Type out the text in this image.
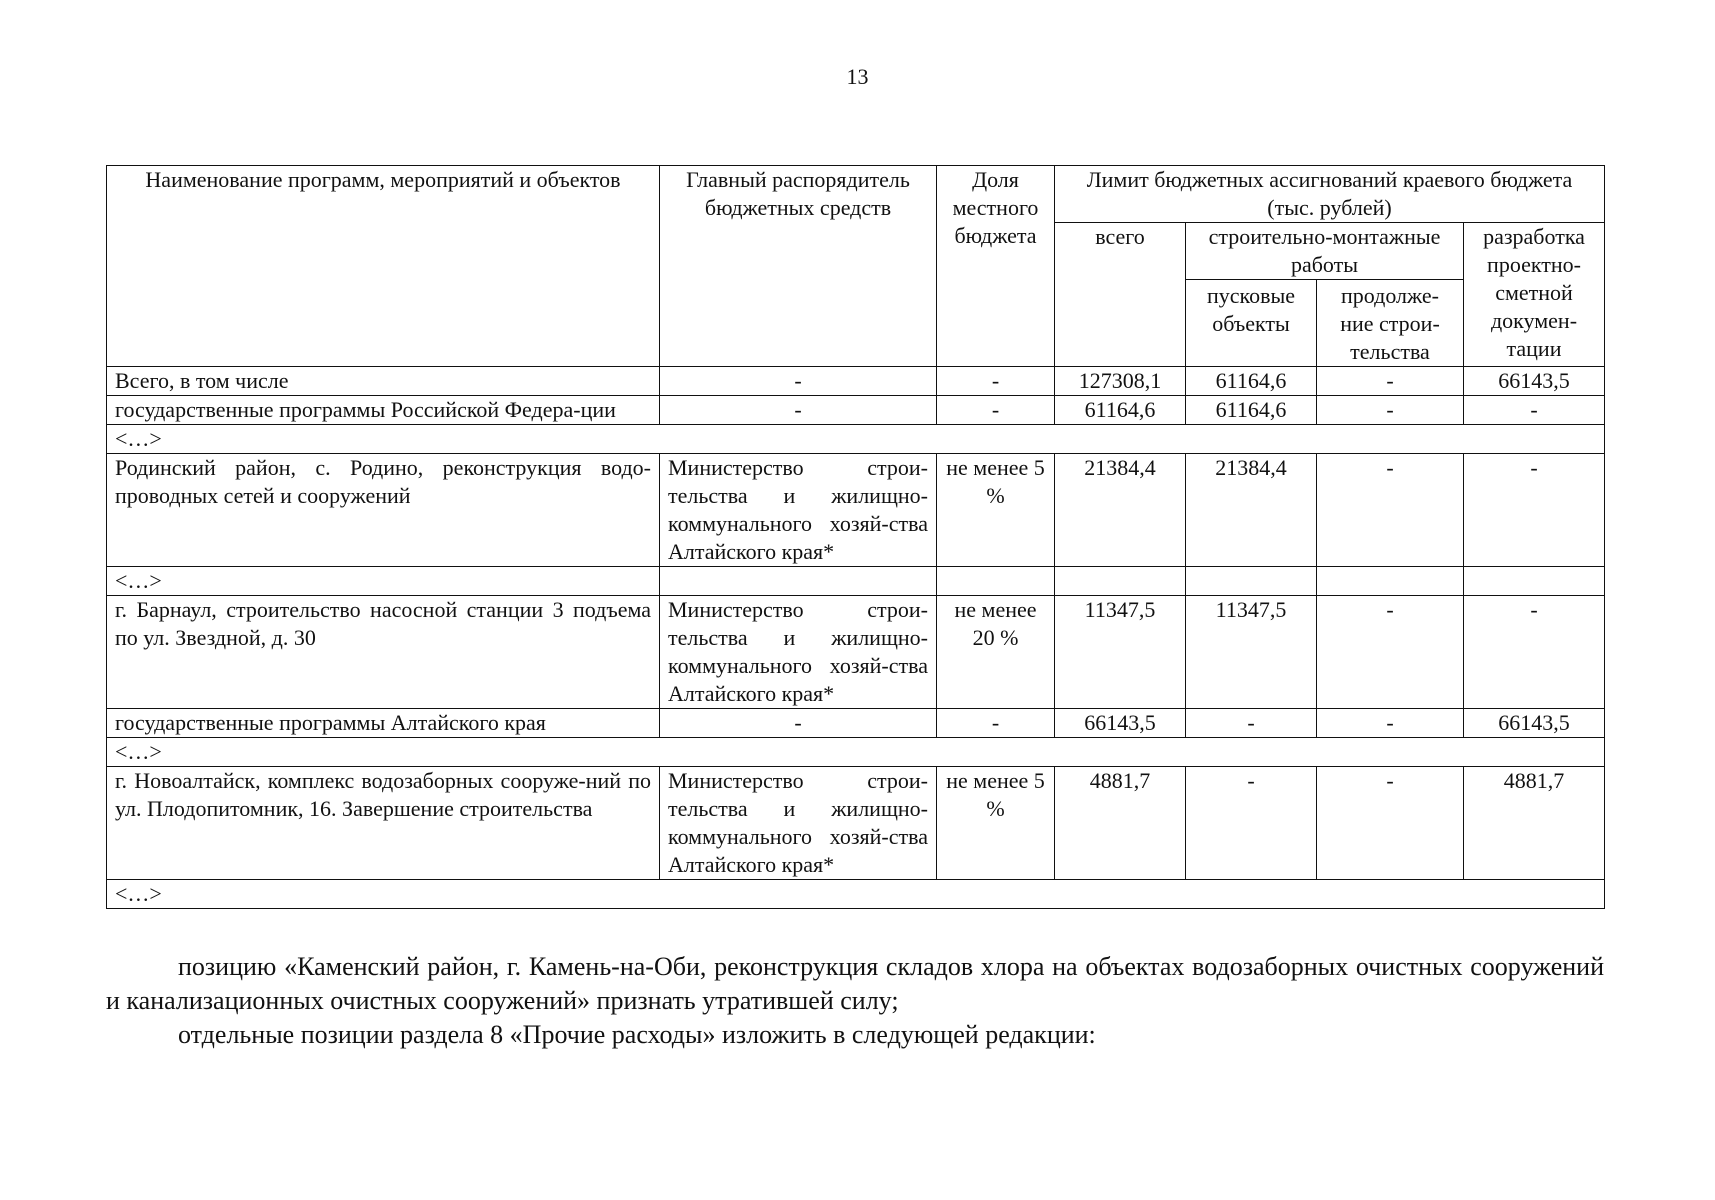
13
Наименование программ, мероприятий и объектов	Главный распорядитель бюджетных средств	Доля местного бюджета	Лимит бюджетных ассигнований краевого бюджета (тыс. рублей)			
			всего	строительно-монтажные работы		разработка проектно-сметной докумен-тации
				пусковые объекты	продолже-ние строи-тельства	
Всего, в том числе	-	-	127308,1	61164,6	-	66143,5
государственные программы Российской Федера-ции	-	-	61164,6	61164,6	-	-
<…>						
Родинский район, с. Родино, реконструкция водо-проводных сетей и сооружений	Министерство строи-тельства и жилищно-коммунального хозяй-ства Алтайского края*	не менее 5 %	21384,4	21384,4	-	-
<…>						
г. Барнаул, строительство насосной станции 3 подъема по ул. Звездной, д. 30	Министерство строи-тельства и жилищно-коммунального хозяй-ства Алтайского края*	не менее 20 %	11347,5	11347,5	-	-
государственные программы Алтайского края	-	-	66143,5	-	-	66143,5
<…>						
г. Новоалтайск, комплекс водозаборных сооруже-ний по ул. Плодопитомник, 16. Завершение строительства	Министерство строи-тельства и жилищно-коммунального хозяй-ства Алтайского края*	не менее 5 %	4881,7	-	-	4881,7
<…>						

позицию «Каменский район, г. Камень-на-Оби, реконструкция складов хлора на объектах водозаборных очистных сооружений и канализационных очистных сооружений» признать утратившей силу;

отдельные позиции раздела 8 «Прочие расходы» изложить в следующей редакции:
